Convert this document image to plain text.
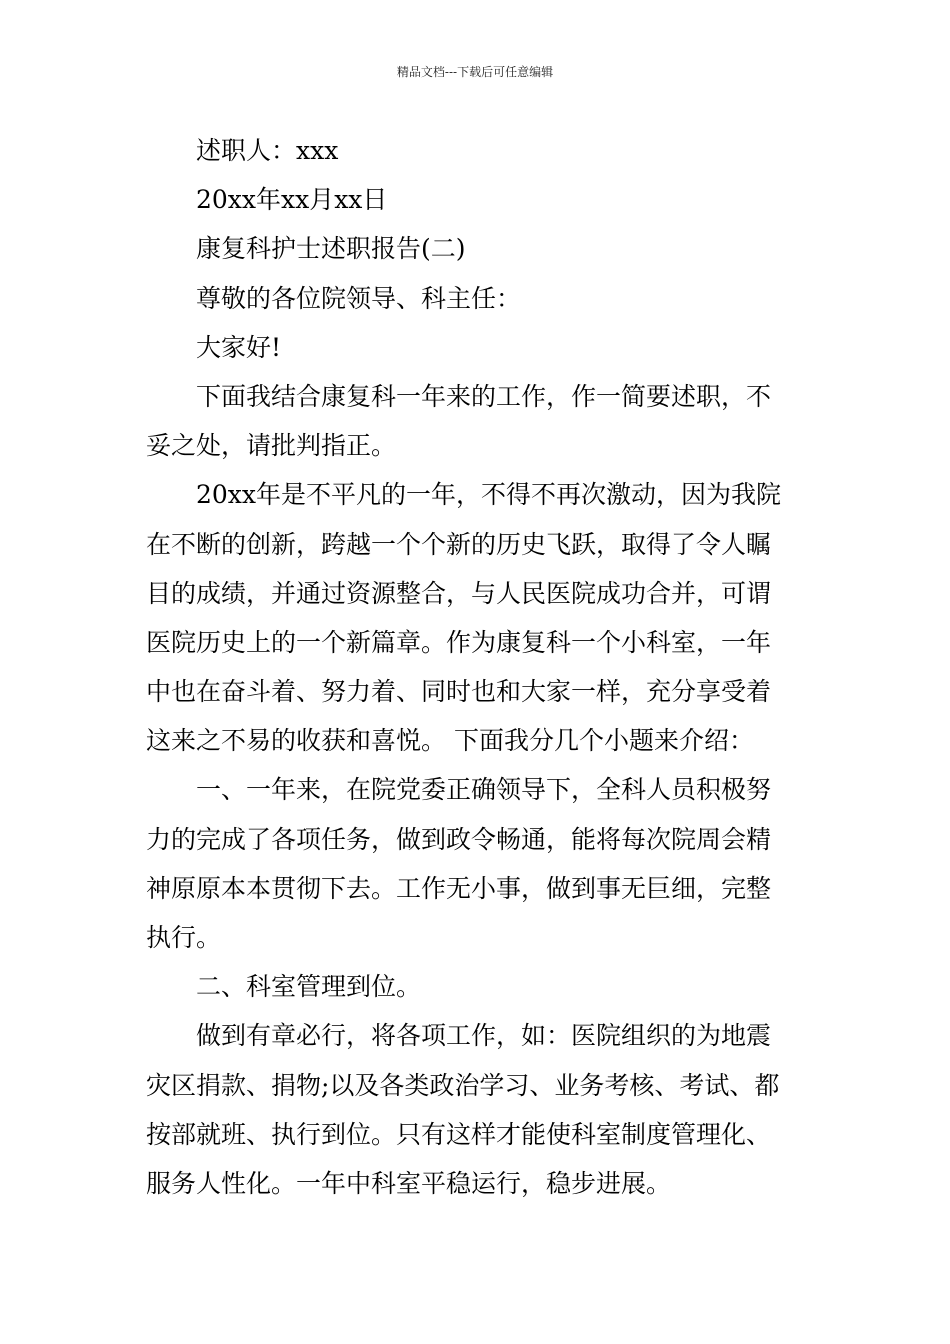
精品文档---下载后可任意编辑
述职人：xxx
20xx年xx月xx日
康复科护士述职报告(二)
尊敬的各位院领导、科主任：
大家好!
下面我结合康复科一年来的工作，作一简要述职，不
妥之处，请批判指正。
20xx年是不平凡的一年，不得不再次激动，因为我院
在不断的创新，跨越一个个新的历史飞跃，取得了令人瞩
目的成绩，并通过资源整合，与人民医院成功合并，可谓
医院历史上的一个新篇章。作为康复科一个小科室，一年
中也在奋斗着、努力着、同时也和大家一样，充分享受着
这来之不易的收获和喜悦。 下面我分几个小题来介绍：
一、一年来，在院党委正确领导下，全科人员积极努
力的完成了各项任务，做到政令畅通，能将每次院周会精
神原原本本贯彻下去。工作无小事，做到事无巨细，完整
执行。
二、科室管理到位。
做到有章必行，将各项工作，如：医院组织的为地震
灾区捐款、捐物;以及各类政治学习、业务考核、考试、都
按部就班、执行到位。只有这样才能使科室制度管理化、
服务人性化。一年中科室平稳运行，稳步进展。
